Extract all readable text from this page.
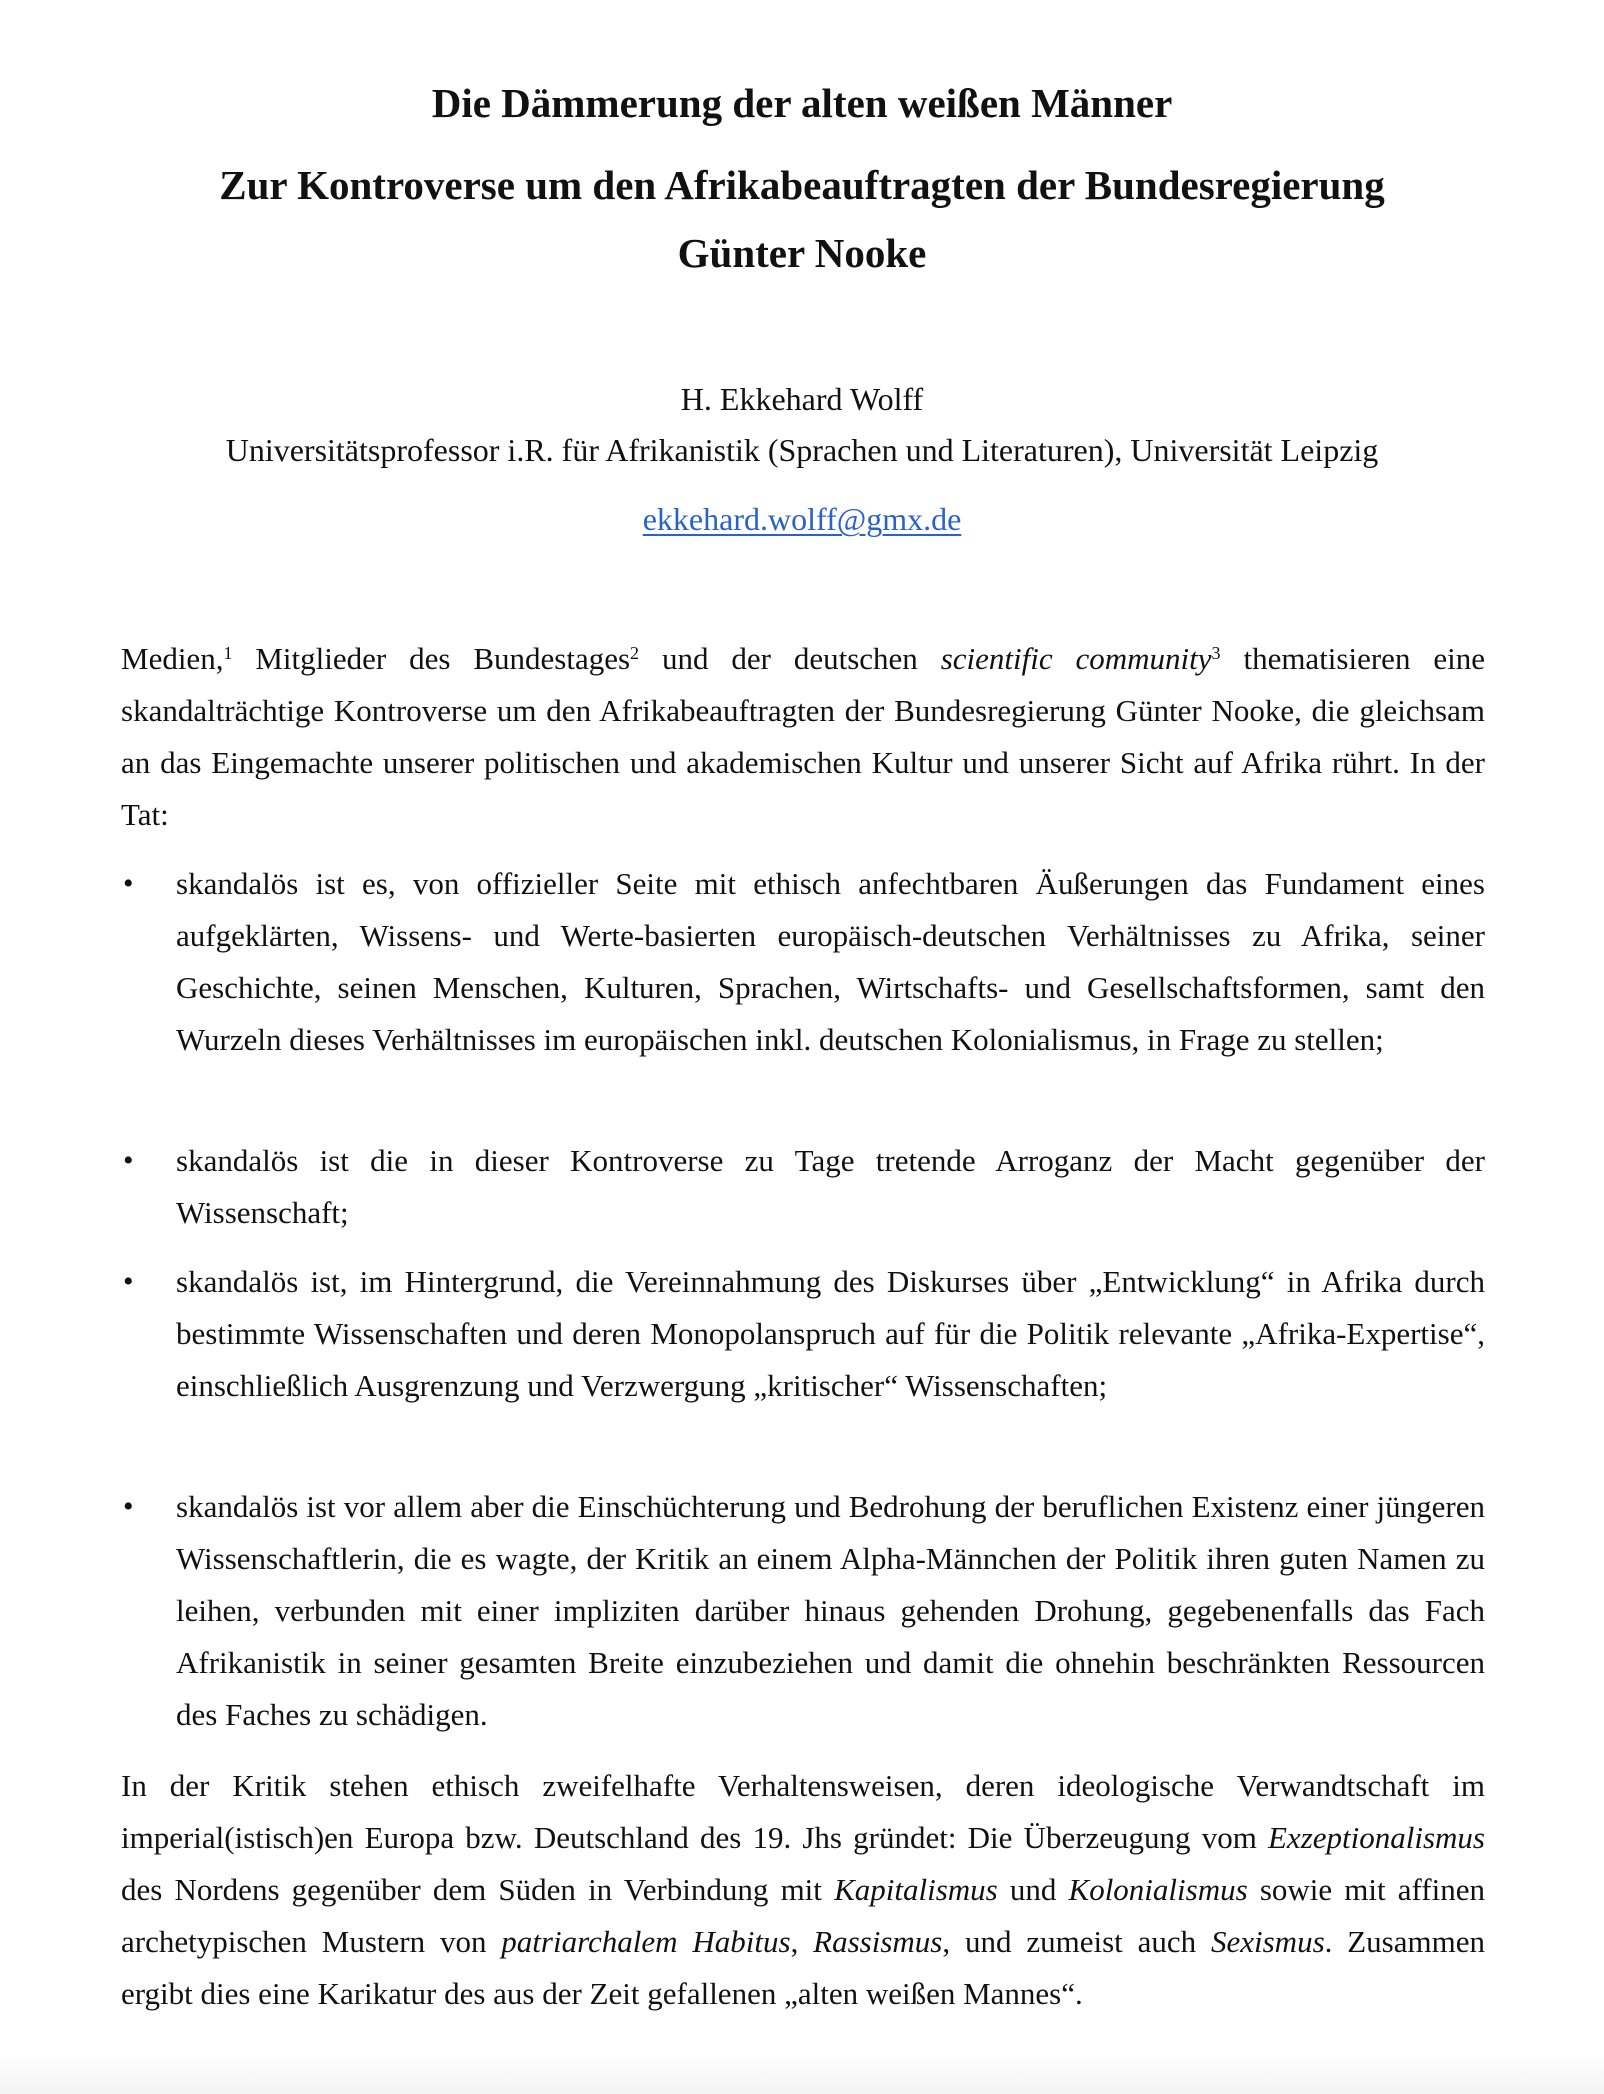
Die Dämmerung der alten weißen Männer
Zur Kontroverse um den Afrikabeauftragten der Bundesregierung
Günter Nooke
H. Ekkehard Wolff
Universitätsprofessor i.R. für Afrikanistik (Sprachen und Literaturen), Universität Leipzig
ekkehard.wolff@gmx.de
Medien,$^1$ Mitglieder des Bundestages$^2$ und der deutschen scientific community$^3$ thematisieren eine skandalträchtige Kontroverse um den Afrikabeauftragten der Bundesregierung Günter Nooke, die gleichsam an das Eingemachte unserer politischen und akademischen Kultur und unserer Sicht auf Afrika rührt. In der Tat:
• skandalös ist es, von offizieller Seite mit ethisch anfechtbaren Äußerungen das Fundament eines aufgeklärten, Wissens- und Werte-basierten europäisch-deutschen Verhältnisses zu Afrika, seiner Geschichte, seinen Menschen, Kulturen, Sprachen, Wirtschafts- und Gesellschaftsformen, samt den Wurzeln dieses Verhältnisses im europäischen inkl. deutschen Kolonialismus, in Frage zu stellen;
• skandalös ist die in dieser Kontroverse zu Tage tretende Arroganz der Macht gegenüber der Wissenschaft;
• skandalös ist, im Hintergrund, die Vereinnahmung des Diskurses über „Entwicklung“ in Afrika durch bestimmte Wissenschaften und deren Monopolanspruch auf für die Politik relevante „Afrika-Expertise“, einschließlich Ausgrenzung und Verzwergung „kritischer“ Wissenschaften;
• skandalös ist vor allem aber die Einschüchterung und Bedrohung der beruflichen Existenz einer jüngeren Wissenschaftlerin, die es wagte, der Kritik an einem Alpha-Männchen der Politik ihren guten Namen zu leihen, verbunden mit einer impliziten darüber hinaus gehenden Drohung, gegebenenfalls das Fach Afrikanistik in seiner gesamten Breite einzubeziehen und damit die ohnehin beschränkten Ressourcen des Faches zu schädigen.
In der Kritik stehen ethisch zweifelhafte Verhaltensweisen, deren ideologische Verwandtschaft im imperial(istisch)en Europa bzw. Deutschland des 19. Jhs gründet: Die Überzeugung vom Exzeptionalismus des Nordens gegenüber dem Süden in Verbindung mit Kapitalismus und Kolonialismus sowie mit affinen archetypischen Mustern von patriarchalem Habitus, Rassismus, und zumeist auch Sexismus. Zusammen ergibt dies eine Karikatur des aus der Zeit gefallenen „alten weißen Mannes“.
